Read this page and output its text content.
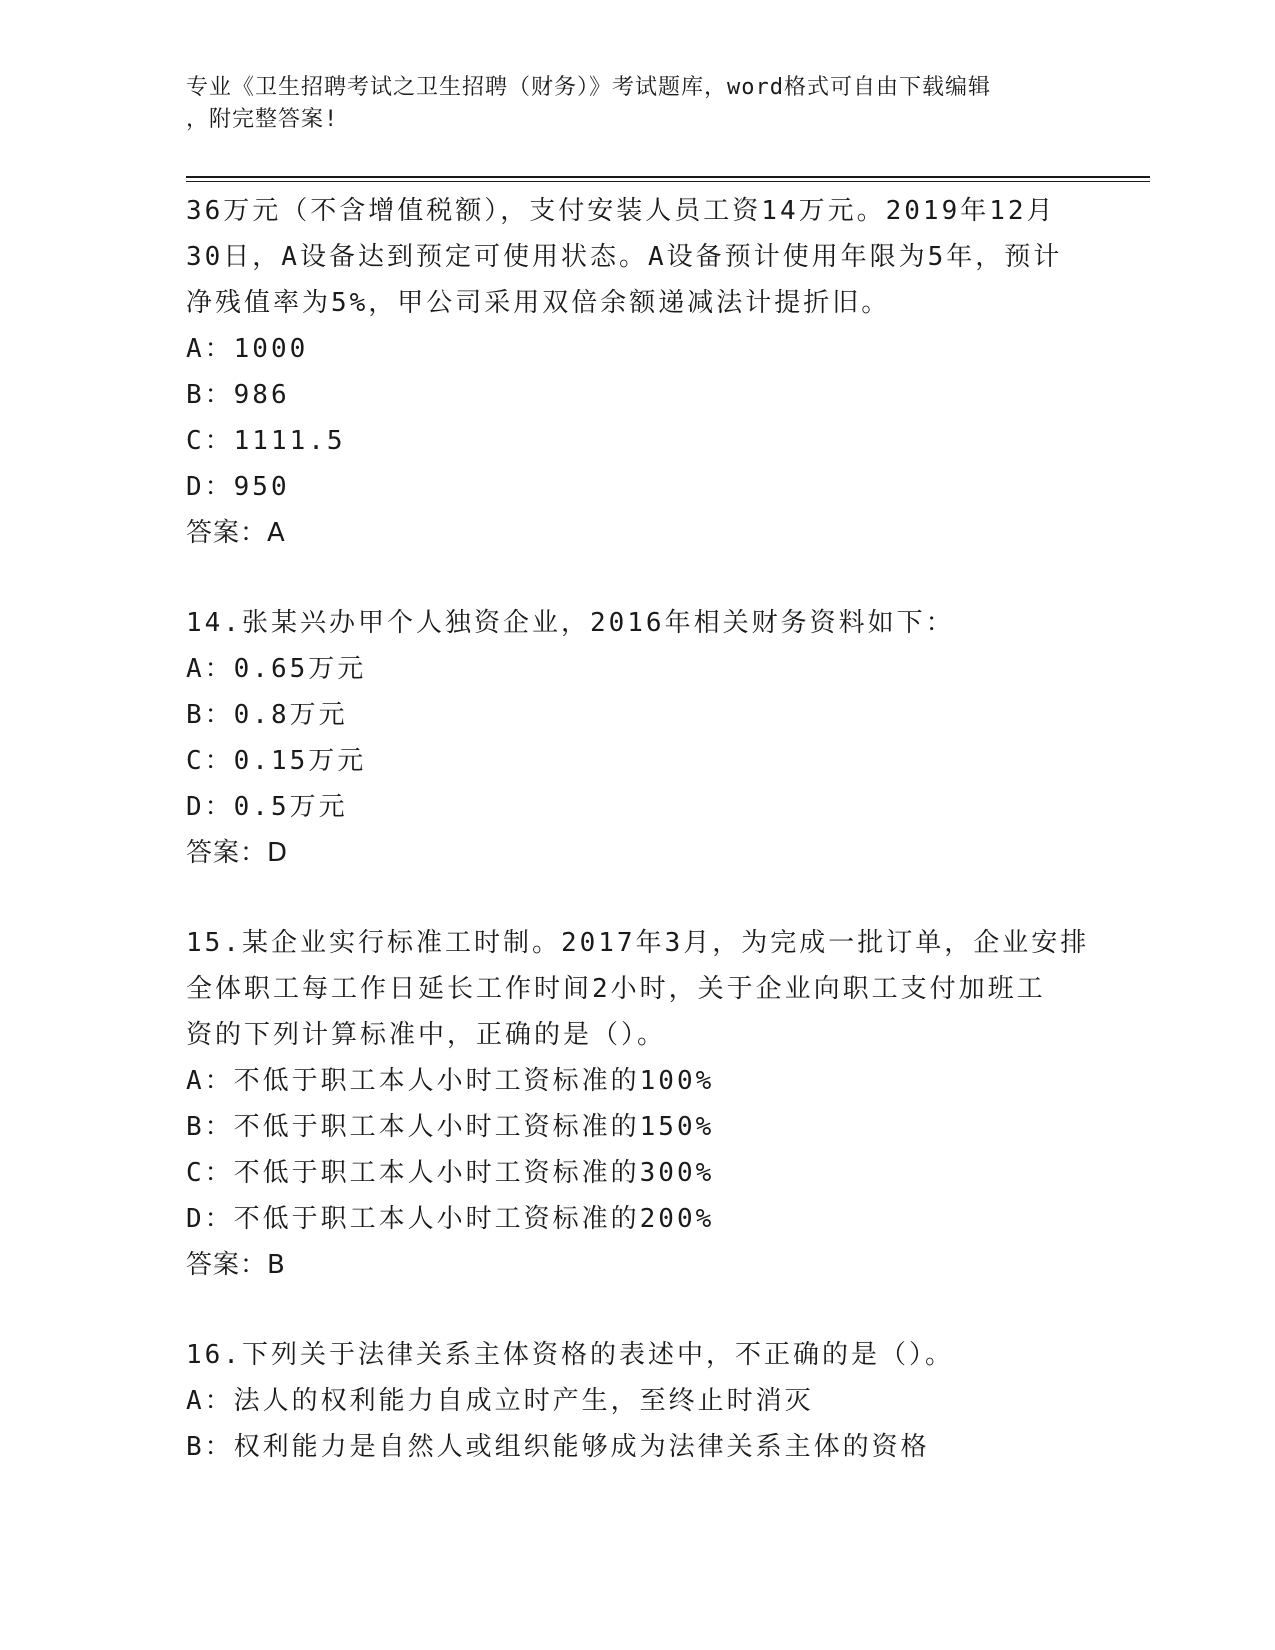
专业《卫生招聘考试之卫生招聘（财务）》考试题库，word格式可自由下载编辑
，附完整答案!
36万元（不含增值税额），支付安装人员工资14万元。2019年12月
30日，A设备达到预定可使用状态。A设备预计使用年限为5年，预计
净残值率为5%，甲公司采用双倍余额递减法计提折旧。
A：1000
B：986
C：1111.5
D：950
答案：A
14.张某兴办甲个人独资企业，2016年相关财务资料如下：
A：0.65万元
B：0.8万元
C：0.15万元
D：0.5万元
答案：D
15.某企业实行标准工时制。2017年3月，为完成一批订单，企业安排
全体职工每工作日延长工作时间2小时，关于企业向职工支付加班工
资的下列计算标准中，正确的是（）。
A：不低于职工本人小时工资标准的100%
B：不低于职工本人小时工资标准的150%
C：不低于职工本人小时工资标准的300%
D：不低于职工本人小时工资标准的200%
答案：B
16.下列关于法律关系主体资格的表述中，不正确的是（）。
A：法人的权利能力自成立时产生，至终止时消灭
B：权利能力是自然人或组织能够成为法律关系主体的资格
